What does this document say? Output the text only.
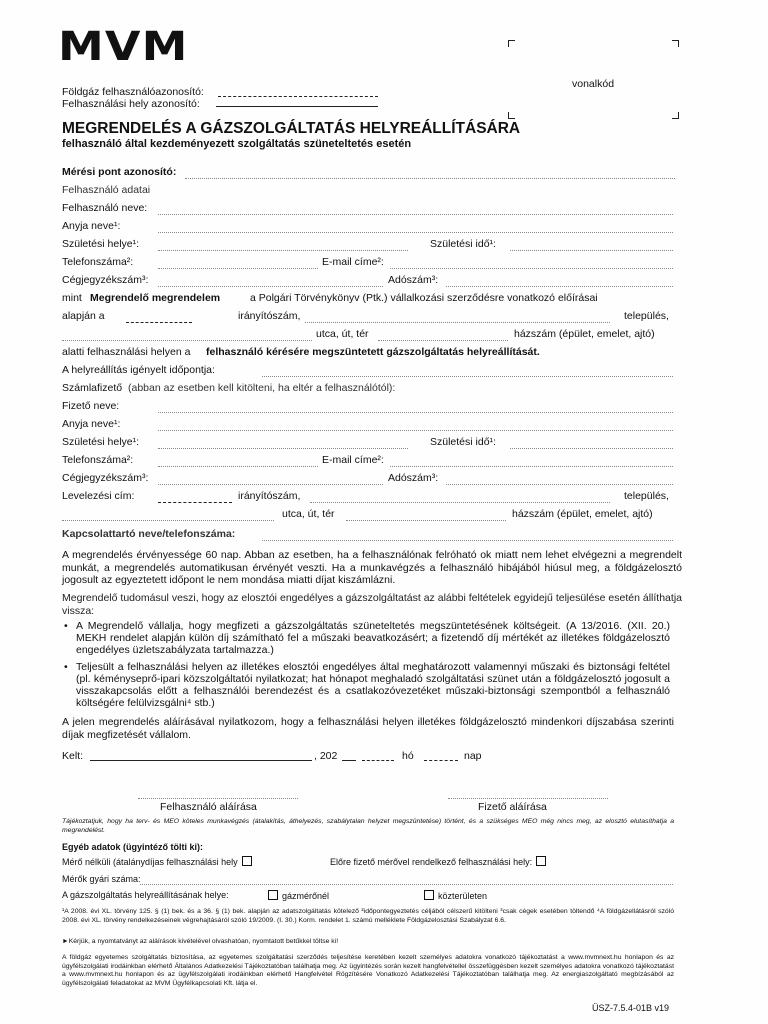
MVM
vonalkód
Földgáz felhasználóazonosító:
Felhasználási hely azonosító:
MEGRENDELÉS A GÁZSZOLGÁLTATÁS HELYREÁLLÍTÁSÁRA
felhasználó által kezdeményezett szolgáltatás szüneteltetés esetén
Mérési pont azonosító:
Felhasználó adatai
Felhasználó neve:
Anyja neve¹:
Születési helye¹:	Születési idő¹:
Telefonszáma²:	E-mail címe²:
Cégjegyzékszám³:	Adószám³:
mint Megrendelő megrendelem	a Polgári Törvénykönyv (Ptk.) vállalkozási szerződésre vonatkozó előírásai
alapján a	irányítószám,	település,
utca, út, tér	házszám (épület, emelet, ajtó)
alatti felhasználási helyen a felhasználó kérésére megszüntetett gázszolgáltatás helyreállítását.
A helyreállítás igényelt időpontja:
Számlafizető (abban az esetben kell kitölteni, ha eltér a felhasználótól):
Fizető neve:
Anyja neve¹:
Születési helye¹:	Születési idő¹:
Telefonszáma²:	E-mail címe²:
Cégjegyzékszám³:	Adószám³:
Levelezési cím:	irányítószám,	település,
utca, út, tér	házszám (épület, emelet, ajtó)
Kapcsolattartó neve/telefonszáma:
A megrendelés érvényessége 60 nap. Abban az esetben, ha a felhasználónak felróható ok miatt nem lehet elvégezni a megrendelt munkát, a megrendelés automatikusan érvényét veszti. Ha a munkavégzés a felhasználó hibájából hiúsul meg, a földgázelosztó jogosult az egyeztetett időpont le nem mondása miatti díjat kiszámlázni.
Megrendelő tudomásul veszi, hogy az elosztói engedélyes a gázszolgáltatást az alábbi feltételek egyidejű teljesülése esetén állíthatja vissza:
• A Megrendelő vállalja, hogy megfizeti a gázszolgáltatás szüneteltetés megszüntetésének költségeit. (A 13/2016. (XII. 20.) MEKH rendelet alapján külön díj számítható fel a műszaki beavatkozásért; a fizetendő díj mértékét az illetékes földgázelosztó engedélyes üzletszabályzata tartalmazza.)
• Teljesült a felhasználási helyen az illetékes elosztói engedélyes által meghatározott valamennyi műszaki és biztonsági feltétel (pl. kéményseprő-ipari közszolgáltatói nyilatkozat; hat hónapot meghaladó szolgáltatási szünet után a földgázelosztó jogosult a visszakapcsolás előtt a felhasználói berendezést és a csatlakozóvezetéket műszaki-biztonsági szempontból a felhasználó költségére felülvizsgálni⁴ stb.)
A jelen megrendelés aláírásával nyilatkozom, hogy a felhasználási helyen illetékes földgázelosztó mindenkori díjszabása szerinti díjak megfizetését vállalom.
Kelt:	, 202	hó	nap
Felhasználó aláírása	Fizető aláírása
Tájékoztatjuk, hogy ha terv- és MEO köteles munkavégzés (átalakítás, áthelyezés, szabálytalan helyzet megszüntetése) történt, és a szükséges MEO még nincs meg, az elosztó elutasíthatja a megrendelést.
Egyéb adatok (ügyintéző tölti ki):
Mérő nélküli (átalánydíjas felhasználási hely	Előre fizető mérővel rendelkező felhasználási hely:
Mérők gyári száma:
A gázszolgáltatás helyreállításának helye:	gázmérőnél	közterületen
¹A 2008. évi XL. törvény 125. § (1) bek. és a 36. § (1) bek. alapján az adatszolgáltatás kötelező ²időpontegyeztetés céljából célszerű kitölteni ³csak cégek esetében töltendő ⁴A földgázellátásról szóló 2008. évi XL. törvény rendelkezéseinek végrehajtásáról szóló 19/2009. (I. 30.) Korm. rendelet 1. számú melléklete Földgázelosztási Szabályzat 6.6.
►Kérjük, a nyomtatványt az aláírások kivételével olvashatóan, nyomtatott betűkkel töltse ki!
A földgáz egyetemes szolgáltatás biztosítása, az egyetemes szolgáltatási szerződés teljesítése keretében kezelt személyes adatokra vonatkozó tájékoztatást a www.mvmnext.hu honlapon és az ügyfélszolgálati irodáinkban elérhető Általános Adatkezelési Tájékoztatóban találhatja meg. Az ügyintézés során kezelt hangfelvétellel összefüggésben kezelt személyes adatokra vonatkozó tájékoztatást a www.mvmnext.hu honlapon és az ügyfélszolgálati irodáinkban elérhető Hangfelvétel Rögzítésére Vonatkozó Adatkezelési Tájékoztatóban találhatja meg. Az energiaszolgáltató megbízásából az ügyfélszolgálati feladatokat az MVM Ügyfélkapcsolati Kft. látja el.
ÜSZ-7.5.4-01B v19
